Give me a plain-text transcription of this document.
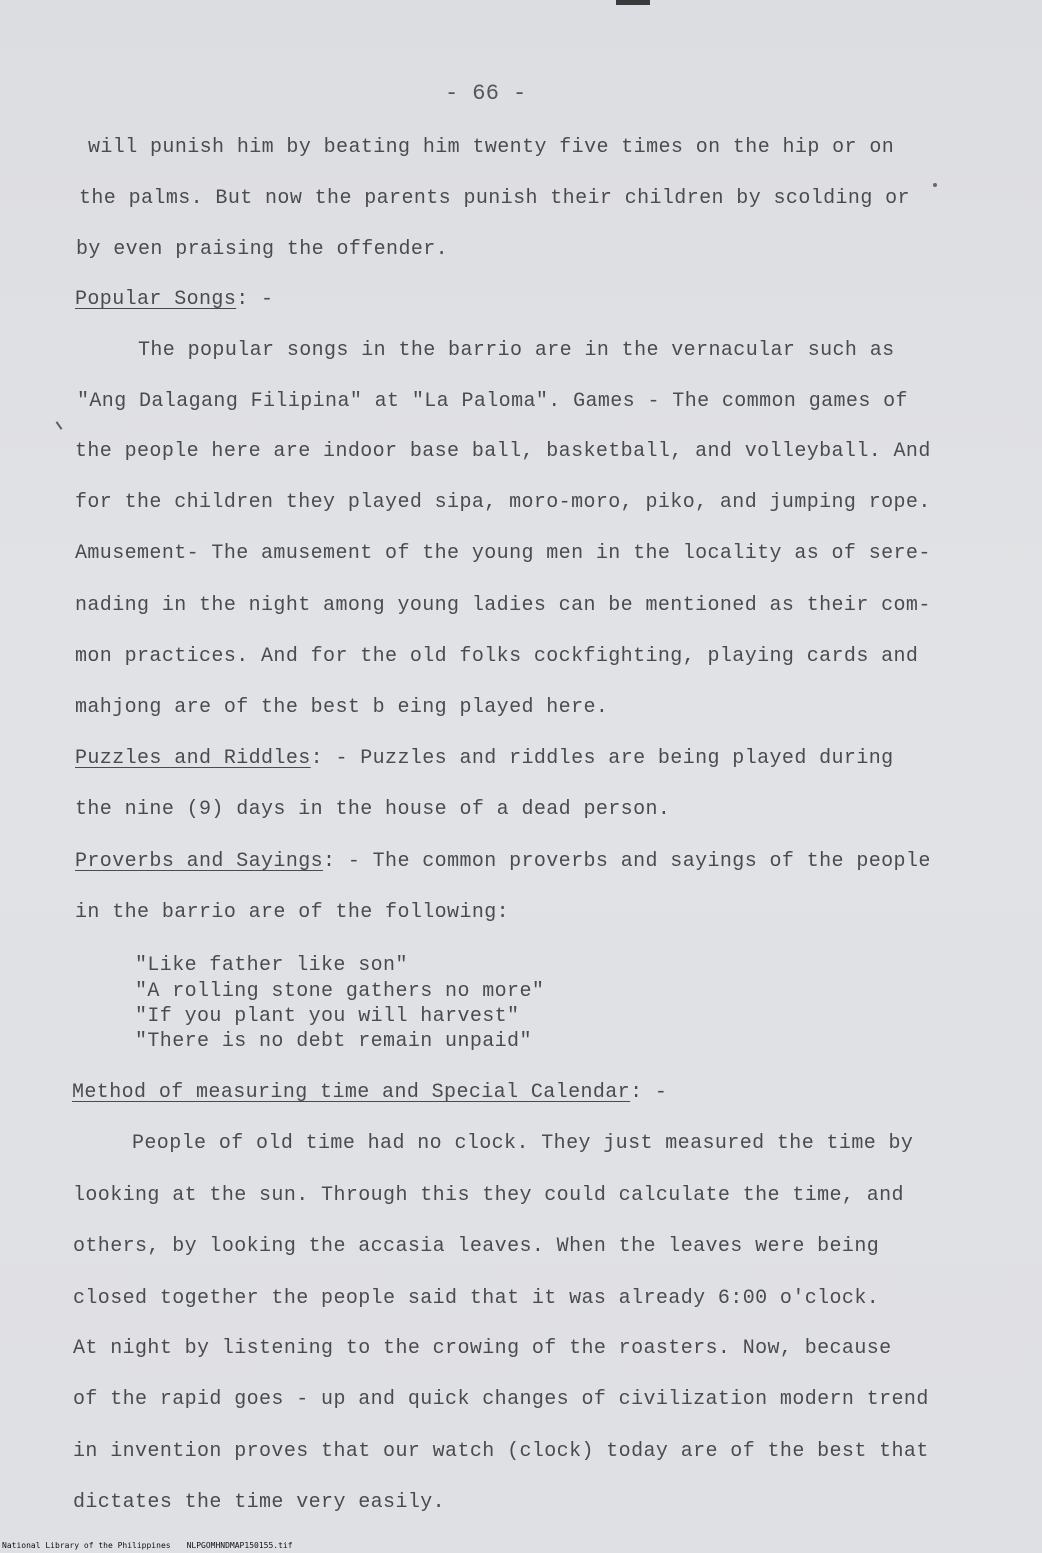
- 66 -
will punish him by beating him twenty five times on the hip or on
the palms. But now the parents punish their children by scolding or
by even praising the offender.
Popular Songs: -
The popular songs in the barrio are in the vernacular such as
"Ang Dalagang Filipina" at "La Paloma". Games - The common games of
the people here are indoor base ball, basketball, and volleyball. And
for the children they played sipa, moro-moro, piko, and jumping rope.
Amusement- The amusement of the young men in the locality as of sere-
nading in the night among young ladies can be mentioned as their com-
mon practices. And for the old folks cockfighting, playing cards and
mahjong are of the best b eing played here.
Puzzles and Riddles: - Puzzles and riddles are being played during
the nine (9) days in the house of a dead person.
Proverbs and Sayings: - The common proverbs and sayings of the people
in the barrio are of the following:
"Like father like son"
"A rolling stone gathers no more"
"If you plant you will harvest"
"There is no debt remain unpaid"
Method of measuring time and Special Calendar: -
People of old time had no clock. They just measured the time by
looking at the sun. Through this they could calculate the time, and
others, by looking the accasia leaves. When the leaves were being
closed together the people said that it was already 6:00 o'clock.
At night by listening to the crowing of the roasters. Now, because
of the rapid goes - up and quick changes of civilization modern trend
in invention proves that our watch (clock) today are of the best that
dictates the time very easily.
National Library of the Philippines NLPGOMHNDMAP150155.tif
